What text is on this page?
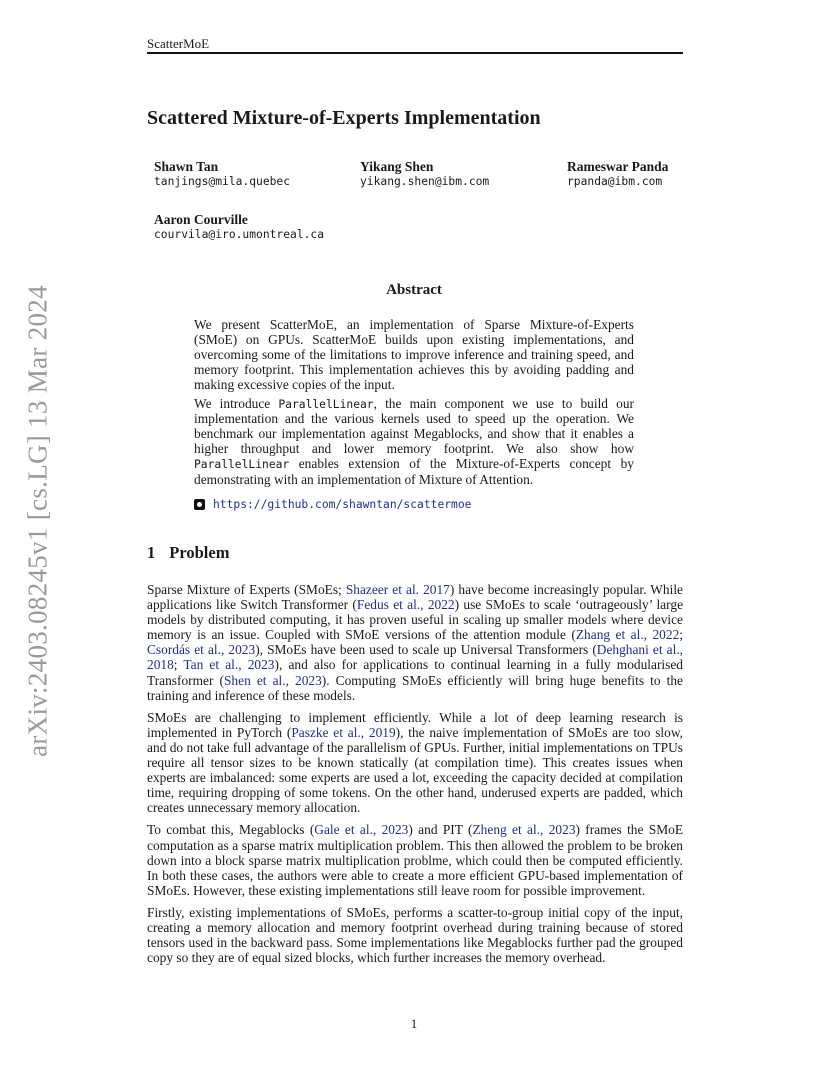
ScatterMoE
Scattered Mixture-of-Experts Implementation
Shawn Tan
tanjings@mila.quebec
Yikang Shen
yikang.shen@ibm.com
Rameswar Panda
rpanda@ibm.com
Aaron Courville
courvila@iro.umontreal.ca
arXiv:2403.08245v1 [cs.LG] 13 Mar 2024	Abstract

We present ScatterMoE, an implementation of Sparse Mixture-of-Experts (SMoE) on GPUs. ScatterMoE builds upon existing implementations, and overcoming some of the limitations to improve inference and training speed, and memory footprint. This implementation achieves this by avoiding padding and making excessive copies of the input.

We introduce ParallelLinear, the main component we use to build our implementation and the various kernels used to speed up the operation. We benchmark our implementation against Megablocks, and show that it enables a higher throughput and lower memory footprint. We also show how ParallelLinear enables extension of the Mixture-of-Experts concept by demonstrating with an implementation of Mixture of Attention.

https://github.com/shawntan/scattermoe
1 Problem

Sparse Mixture of Experts (SMoEs; Shazeer et al. 2017) have become increasingly popular. While applications like Switch Transformer (Fedus et al., 2022) use SMoEs to scale ‘outrageously’ large models by distributed computing, it has proven useful in scaling up smaller models where device memory is an issue. Coupled with SMoE versions of the attention module (Zhang et al., 2022; Csordás et al., 2023), SMoEs have been used to scale up Universal Transformers (Dehghani et al., 2018; Tan et al., 2023), and also for applications to continual learning in a fully modularised Transformer (Shen et al., 2023). Computing SMoEs efficiently will bring huge benefits to the training and inference of these models.

SMoEs are challenging to implement efficiently. While a lot of deep learning research is implemented in PyTorch (Paszke et al., 2019), the naive implementation of SMoEs are too slow, and do not take full advantage of the parallelism of GPUs. Further, initial implementations on TPUs require all tensor sizes to be known statically (at compilation time). This creates issues when experts are imbalanced: some experts are used a lot, exceeding the capacity decided at compilation time, requiring dropping of some tokens. On the other hand, underused experts are padded, which creates unnecessary memory allocation.

To combat this, Megablocks (Gale et al., 2023) and PIT (Zheng et al., 2023) frames the SMoE computation as a sparse matrix multiplication problem. This then allowed the problem to be broken down into a block sparse matrix multiplication problme, which could then be computed efficiently. In both these cases, the authors were able to create a more efficient GPU-based implementation of SMoEs. However, these existing implementations still leave room for possible improvement.

Firstly, existing implementations of SMoEs, performs a scatter-to-group initial copy of the input, creating a memory allocation and memory footprint overhead during training because of stored tensors used in the backward pass. Some implementations like Megablocks further pad the grouped copy so they are of equal sized blocks, which further increases the memory overhead.

1
